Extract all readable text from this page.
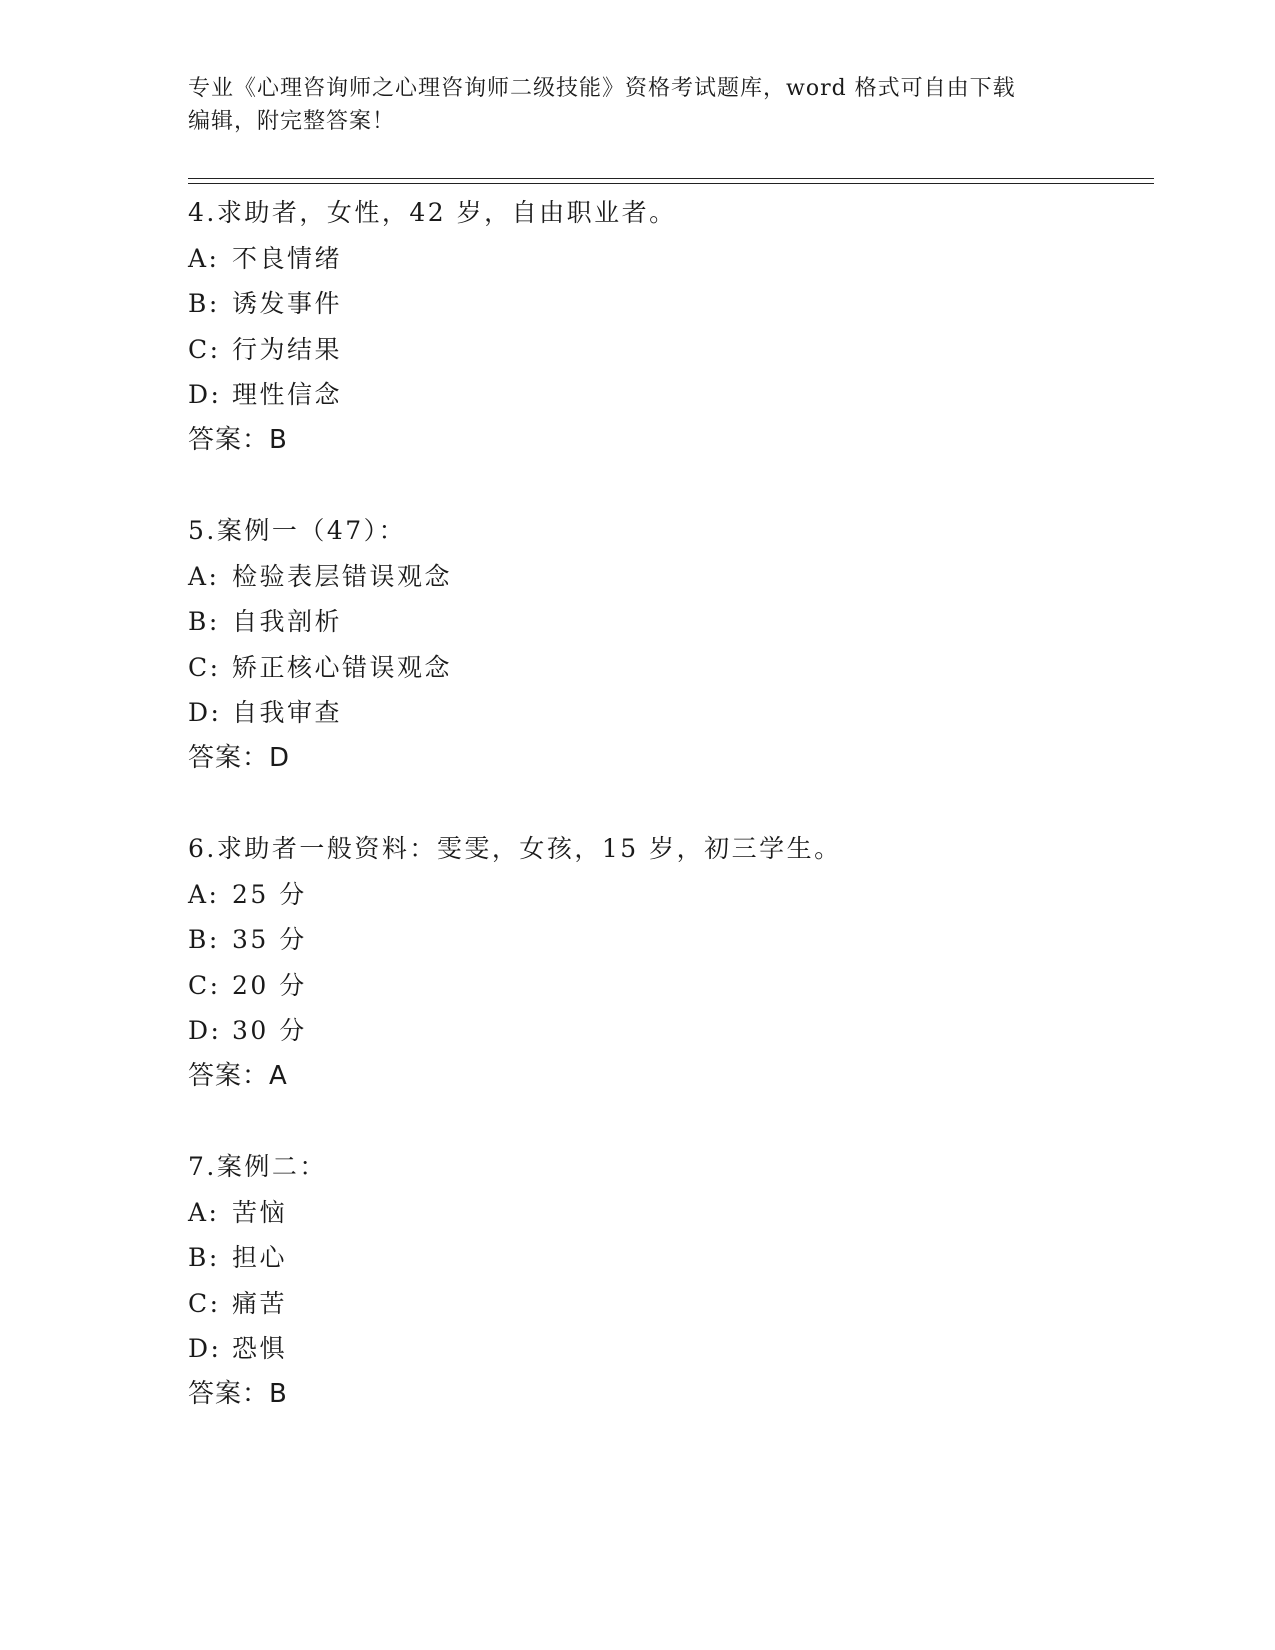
专业《心理咨询师之心理咨询师二级技能》资格考试题库，word 格式可自由下载
编辑，附完整答案！
4.求助者，女性，42 岁，自由职业者。
A: 不良情绪
B: 诱发事件
C: 行为结果
D: 理性信念
答案：B
5.案例一（47）：
A: 检验表层错误观念
B: 自我剖析
C: 矫正核心错误观念
D: 自我审查
答案：D
6.求助者一般资料：雯雯，女孩，15 岁，初三学生。
A: 25 分
B: 35 分
C: 20 分
D: 30 分
答案：A
7.案例二：
A: 苦恼
B: 担心
C: 痛苦
D: 恐惧
答案：B
